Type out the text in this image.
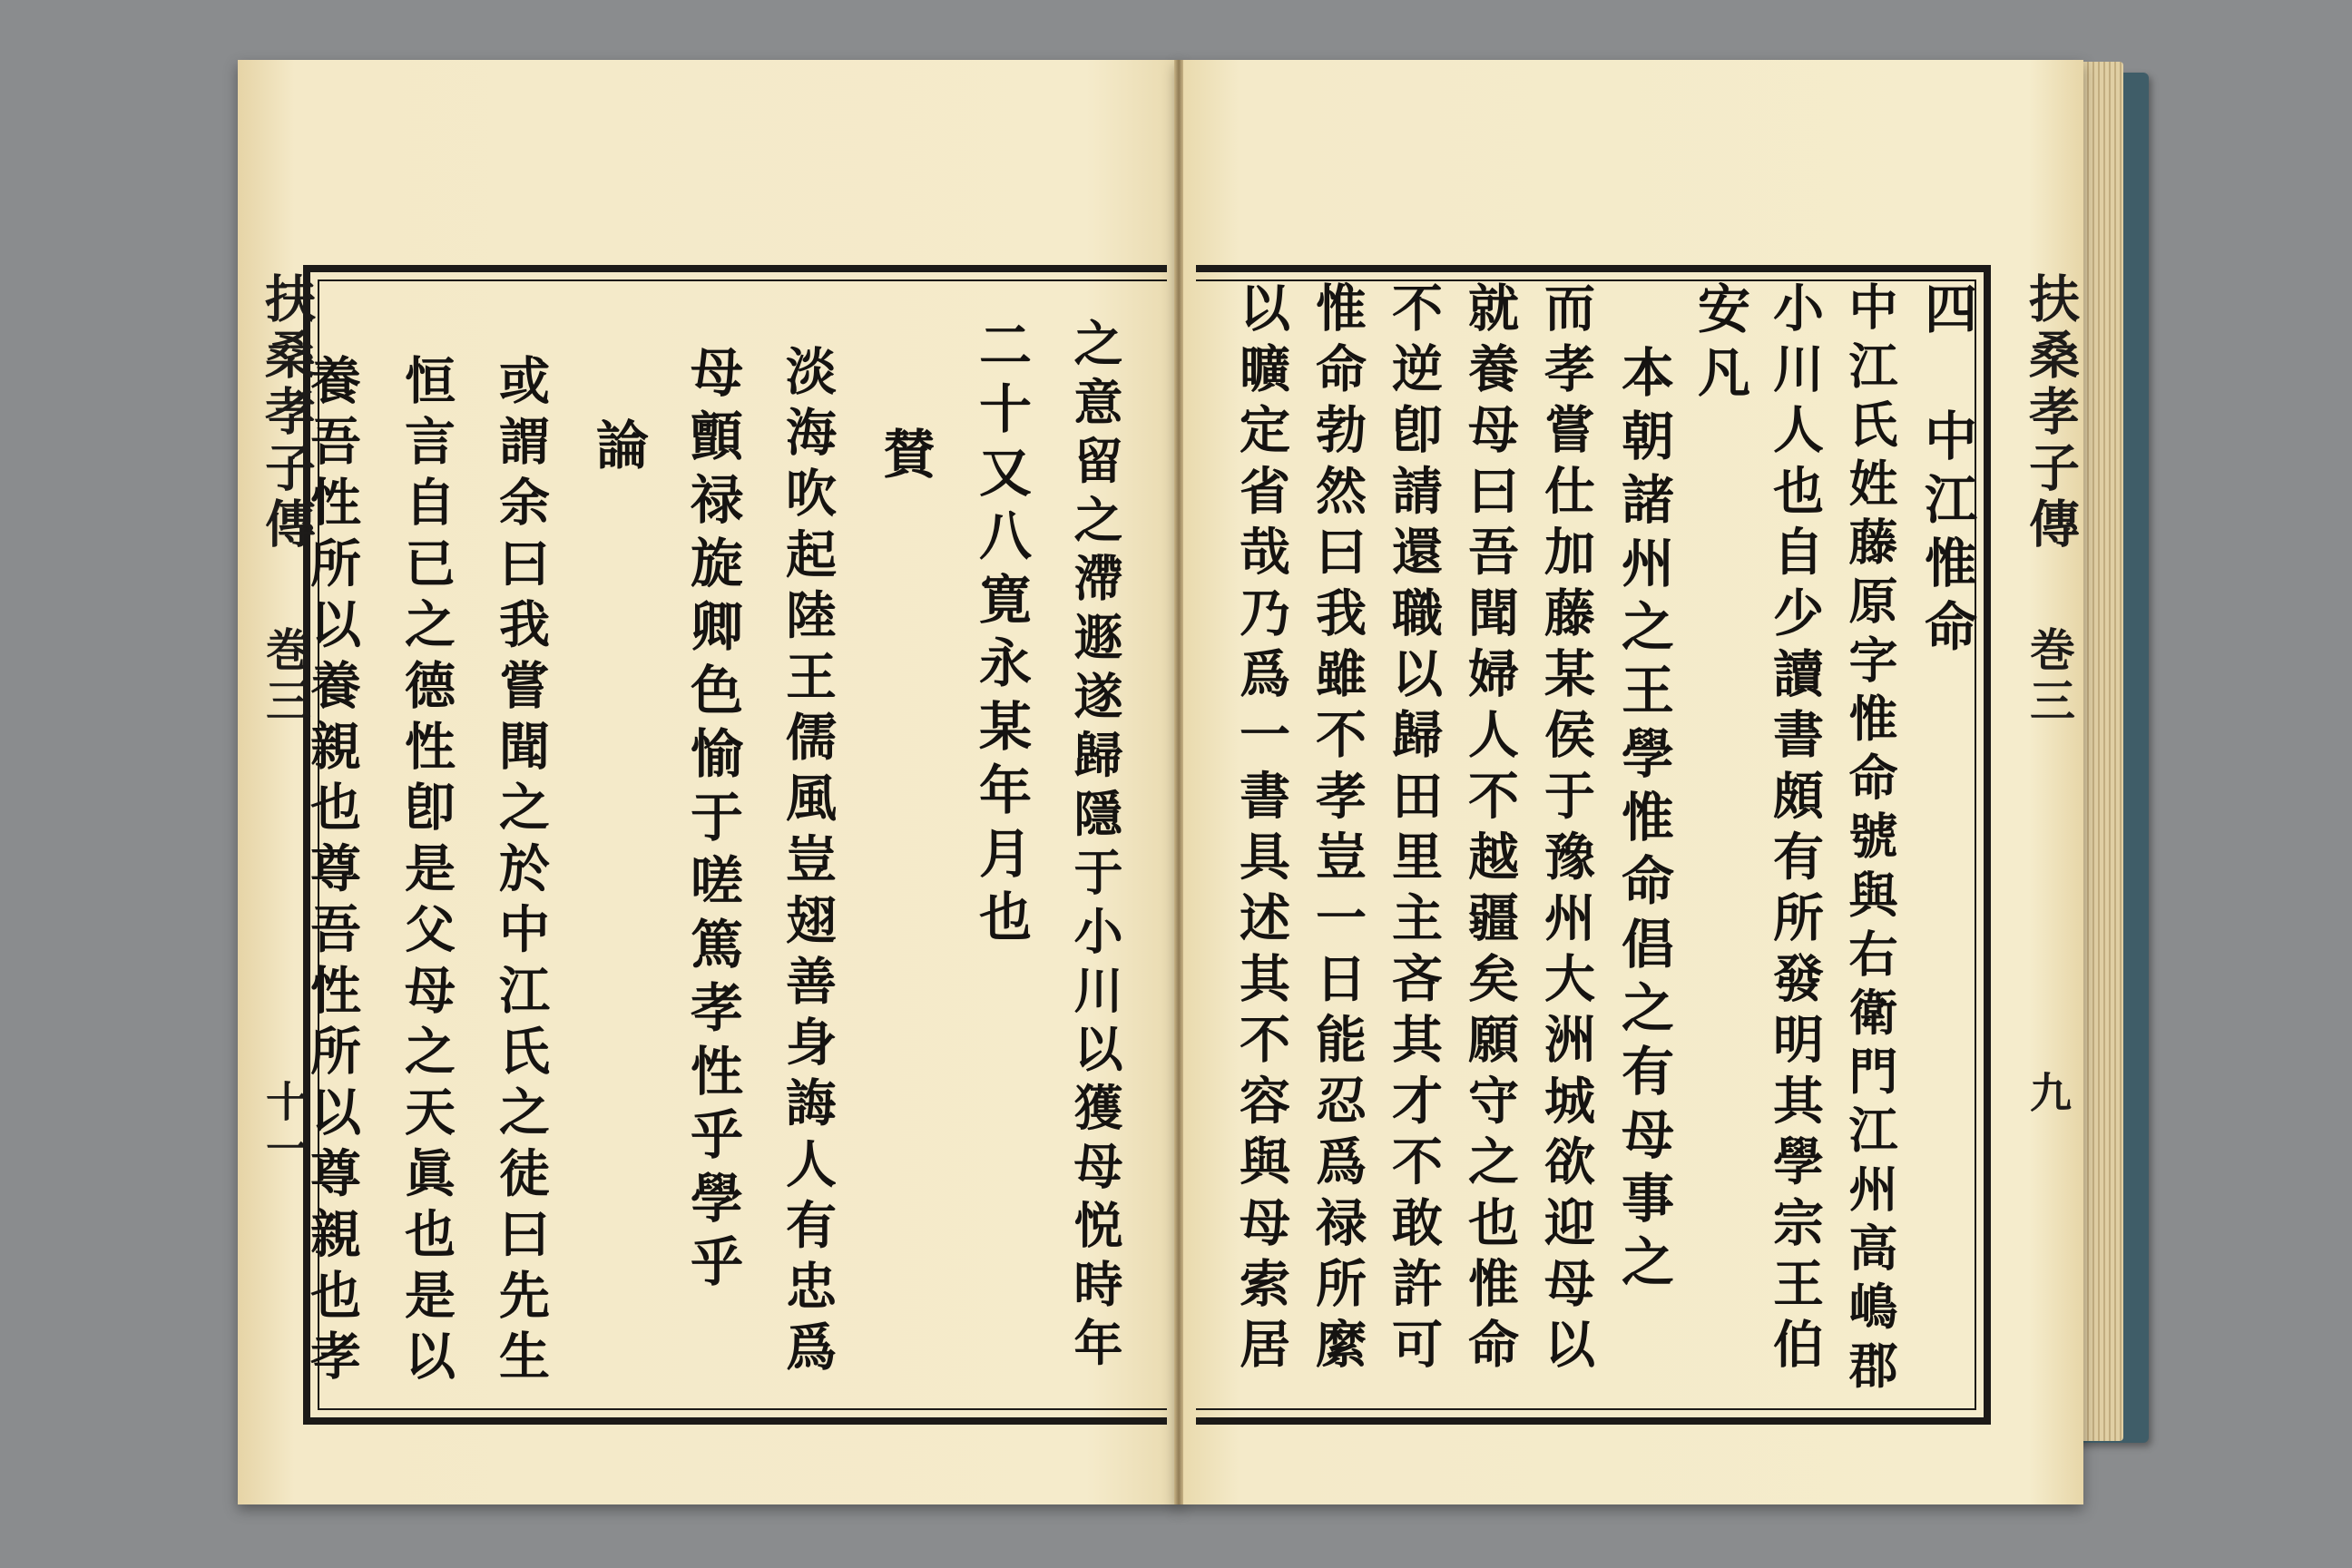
扶桑孝子傳
巻三
十一
扶桑孝子傳
巻三
九
之意留之滯遯遂歸隱于小川以獲母悦時年
二十又八寛永某年月也
賛
淡海吹起陸王儒風豈翅善身誨人有忠爲
母顫禄旋卿色愉于嗟篤孝性乎學乎
論
或謂余曰我嘗聞之於中江氏之徒曰先生
恒言自已之德性卽是父母之天眞也是以
養吾性所以養親也尊吾性所以尊親也孝	四　中江惟命
中江氏姓藤原字惟命號與右衛門江州高嶋郡
小川人也自少讀書頗有所發明其學宗王伯
安凡
本朝諸州之王學惟命倡之有母事之
而孝嘗仕加藤某侯于豫州大洲城欲迎母以
就養母曰吾聞婦人不越疆矣願守之也惟命
不逆卽請還職以歸田里主吝其才不敢許可
惟命勃然曰我雖不孝豈一日能忍爲禄所縻
以曠定省哉乃爲一書具述其不容與母索居
